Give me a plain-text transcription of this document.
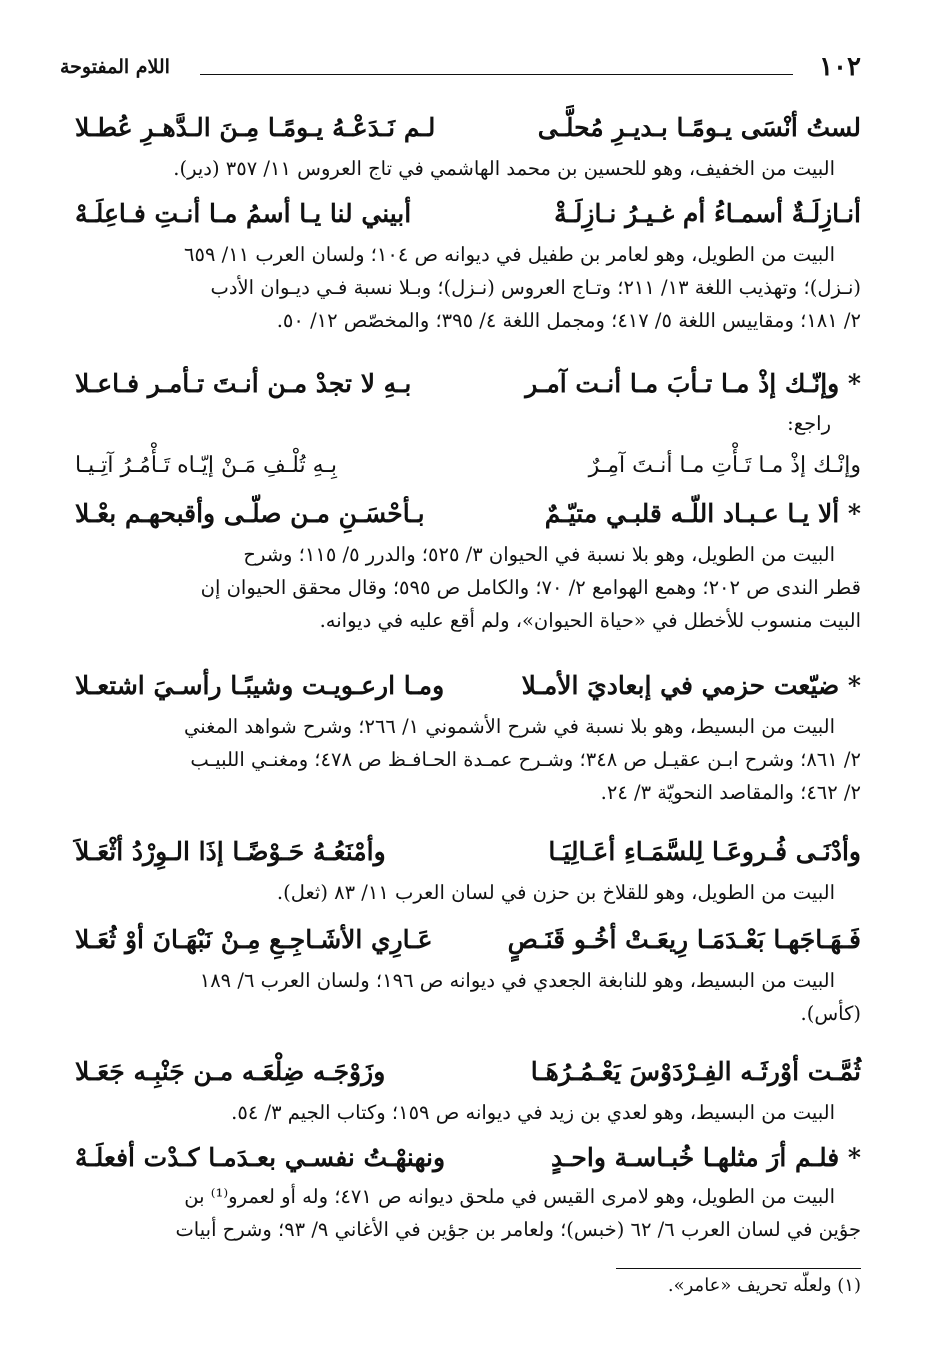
١٠٢
اللام المفتوحة
لستُ أنْسَى يـومًـا بـديـرِ مُحلَّـى
لـم نَـدَعْـهُ يـومًـا مِـنَ الـدَّهـرِ عُطـلا
البيت من الخفيف، وهو للحسين بن محمد الهاشمي في تاج العروس ١١/ ٣٥٧ (دير).
أنـازِلَـةٌ أسمـاءُ أم غـيـرُ نـازِلَـةْ
أبيني لنا يـا أسمُ مـا أنـتِ فـاعِلَـهْ
البيت من الطويل، وهو لعامر بن طفيل في ديوانه ص ١٠٤؛ ولسان العرب ١١/ ٦٥٩
(نـزل)؛ وتهذيب اللغة ١٣/ ٢١١؛ وتـاج العروس (نـزل)؛ وبـلا نسبة فـي ديـوان الأدب
٢/ ١٨١؛ ومقاييس اللغة ٥/ ٤١٧؛ ومجمل اللغة ٤/ ٣٩٥؛ والمخصّص ١٢/ ٥٠.
* وإنّـك إذْ مـا تـأبَ مـا أنـت آمـر
بـهِ لا تجدْ مـن أنـتَ تـأمـر فـاعـلا
راجع:
وإنْـك إذْ مـا تَـأْتِ مـا أنـتَ آمِـرٌ
بِـهِ تُلْـفِ مَـنْ إيّـاه تَـأْمُـرُ آتِـيـا
* ألا يـا عـبـاد اللّـه قلبـي متيّـمٌ
بـأحْسَـنِ مـن صلّـى وأقبحهـم بعْـلا
البيت من الطويل، وهو بلا نسبة في الحيوان ٣/ ٥٢٥؛ والدرر ٥/ ١١٥؛ وشرح
قطر الندى ص ٢٠٢؛ وهمع الهوامع ٢/ ٧٠؛ والكامل ص ٥٩٥؛ وقال محقق الحيوان إن
البيت منسوب للأخطل في «حياة الحيوان»، ولم أقع عليه في ديوانه.
* ضيّعت حزمي في إبعاديَ الأمـلا
ومـا ارعـويـت وشيبًـا رأسـيَ اشتعـلا
البيت من البسيط، وهو بلا نسبة في شرح الأشموني ١/ ٢٦٦؛ وشرح شواهد المغني
٢/ ٨٦١؛ وشرح ابـن عقيـل ص ٣٤٨؛ وشـرح عمـدة الحـافـظ ص ٤٧٨؛ ومغنـي اللبيـب
٢/ ٤٦٢؛ والمقاصد النحويّة ٣/ ٢٤.
وأدْنَـى فُـروعَـا لِلسَّمَـاءِ أعَـالِيَـا
وأمْنَعُـهُ حَـوْضًـا إذَا الـوِرْدُ أثْعَـلاَ
البيت من الطويل، وهو للقلاخ بن حزن في لسان العرب ١١/ ٨٣ (ثعل).
فَـهَـاجَهـا بَعْـدَمَـا رِيعَـتْ أخُـو قَنَـصٍ
عَـارِي الأشَـاجِـعِ مِـنْ نَبْهَـانَ أوْ ثُعَـلا
البيت من البسيط، وهو للنابغة الجعدي في ديوانه ص ١٩٦؛ ولسان العرب ٦/ ١٨٩
(كأس).
ثُمَّـت أوْرثَـه الفِـرْدَوْسَ يَعْـمُـرُهَـا
وزَوْجَـه ضِلْعَـه مـن جَنْبِـه جَعَـلا
البيت من البسيط، وهو لعدي بن زيد في ديوانه ص ١٥٩؛ وكتاب الجيم ٣/ ٥٤.
* فلـم أرَ مثلهـا خُبـاسـة واحـدٍ
ونهنهْـتُ نفسـي بعـدَمـا كـدْت أفعلَـهْ
البيت من الطويل، وهو لامرى القيس في ملحق ديوانه ص ٤٧١؛ وله أو لعمرو⁽¹⁾ بن
جؤين في لسان العرب ٦/ ٦٢ (خبس)؛ ولعامر بن جؤين في الأغاني ٩/ ٩٣؛ وشرح أبيات
(١) ولعلّه تحريف «عامر».
